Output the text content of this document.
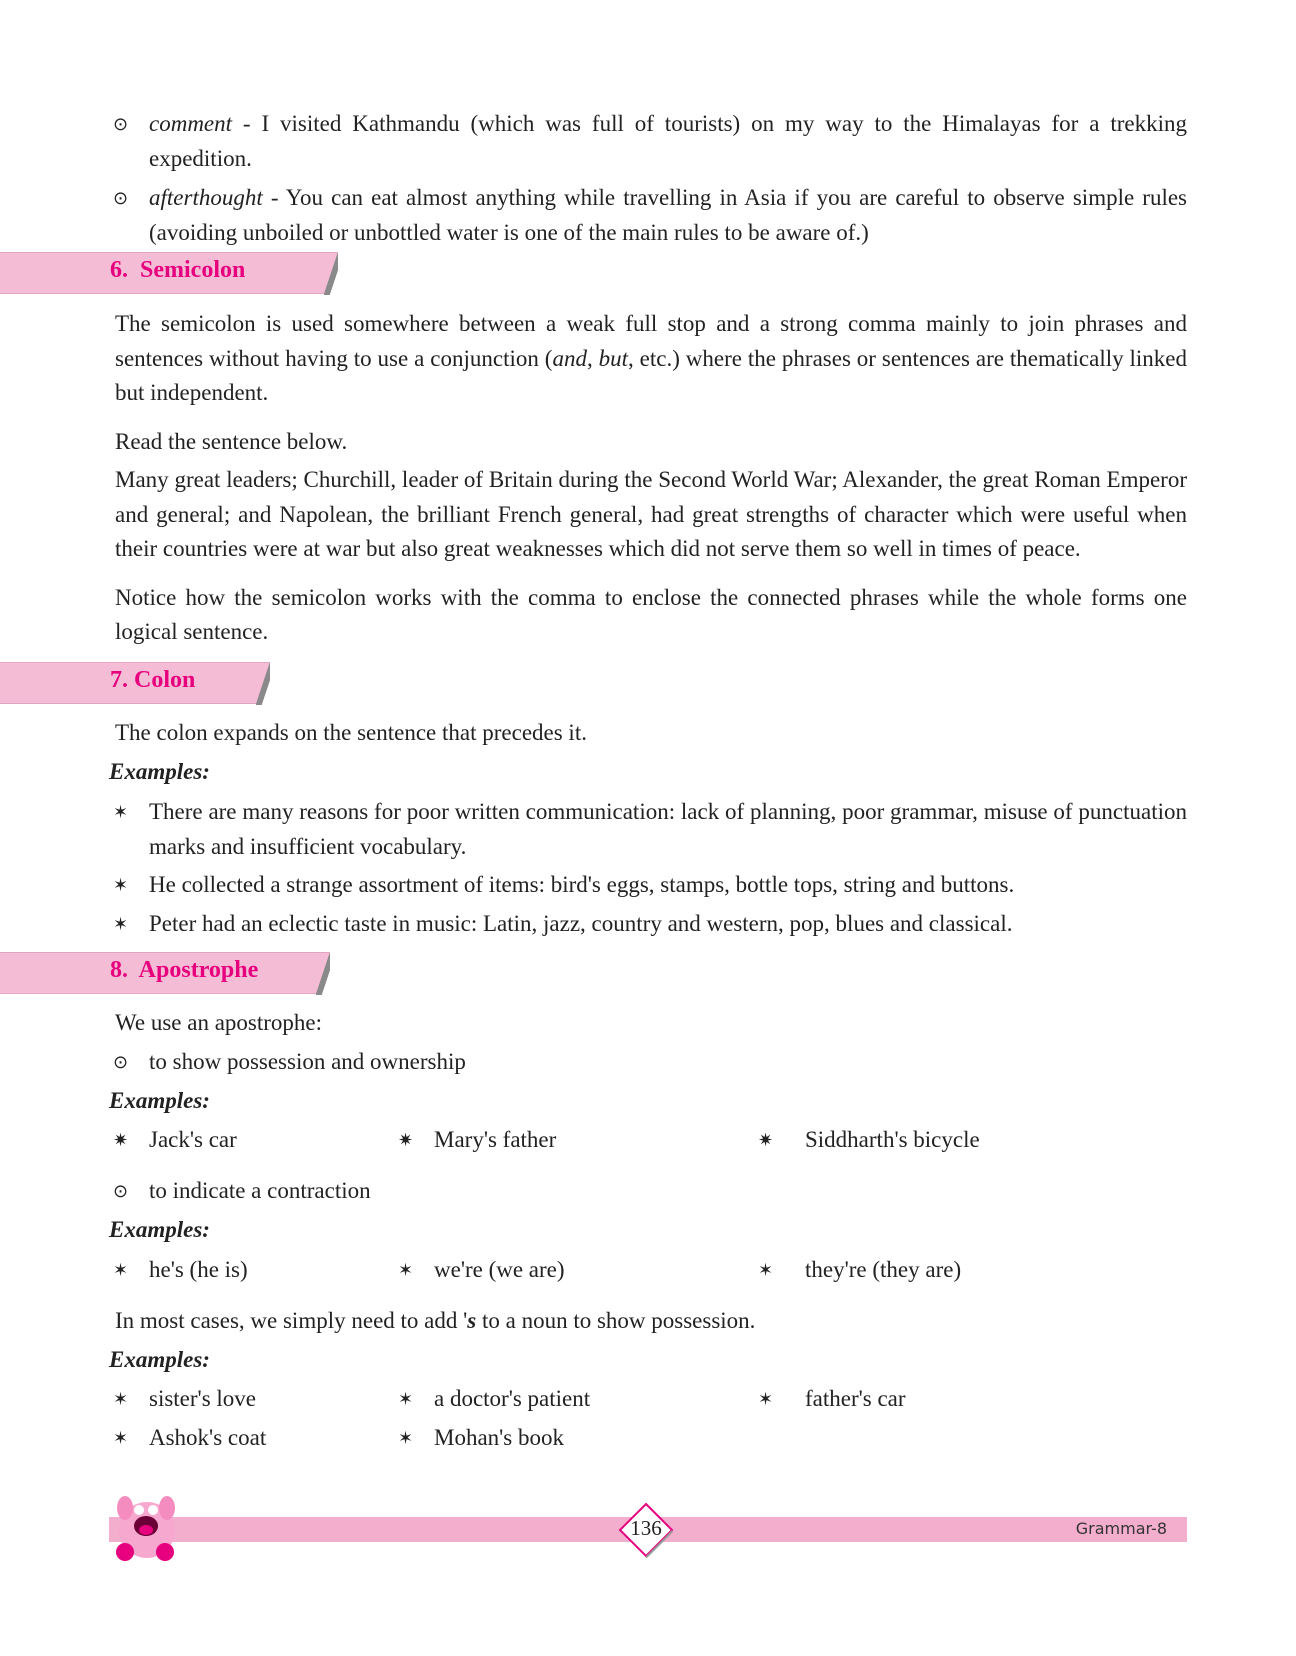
⊙ comment - I visited Kathmandu (which was full of tourists) on my way to the Himalayas for a trekking expedition.
⊙ afterthought - You can eat almost anything while travelling in Asia if you are careful to observe simple rules (avoiding unboiled or unbottled water is one of the main rules to be aware of.)
6.  Semicolon
The semicolon is used somewhere between a weak full stop and a strong comma mainly to join phrases and sentences without having to use a conjunction (and, but, etc.) where the phrases or sentences are thematically linked but independent.
Read the sentence below.
Many great leaders; Churchill, leader of Britain during the Second World War; Alexander, the great Roman Emperor and general; and Napolean, the brilliant French general, had great strengths of character which were useful when their countries were at war but also great weaknesses which did not serve them so well in times of peace.
Notice how the semicolon works with the comma to enclose the connected phrases while the whole forms one logical sentence.
7. Colon
The colon expands on the sentence that precedes it.
Examples:
✶ There are many reasons for poor written communication: lack of planning, poor grammar, misuse of punctuation marks and insufficient vocabulary.
✶ He collected a strange assortment of items: bird's eggs, stamps, bottle tops, string and buttons.
✶ Peter had an eclectic taste in music: Latin, jazz, country and western, pop, blues and classical.
8.  Apostrophe
We use an apostrophe:
⊙ to show possession and ownership
Examples:
✷ Jack's car	✷ Mary's father	✷ Siddharth's bicycle
⊙ to indicate a contraction
Examples:
✶ he's (he is)	✶ we're (we are)	✶ they're (they are)
In most cases, we simply need to add 's to a noun to show possession.
Examples:
✶ sister's love	✶ a doctor's patient	✶ father's car
✶ Ashok's coat	✶ Mohan's book
Grammar-8
136
